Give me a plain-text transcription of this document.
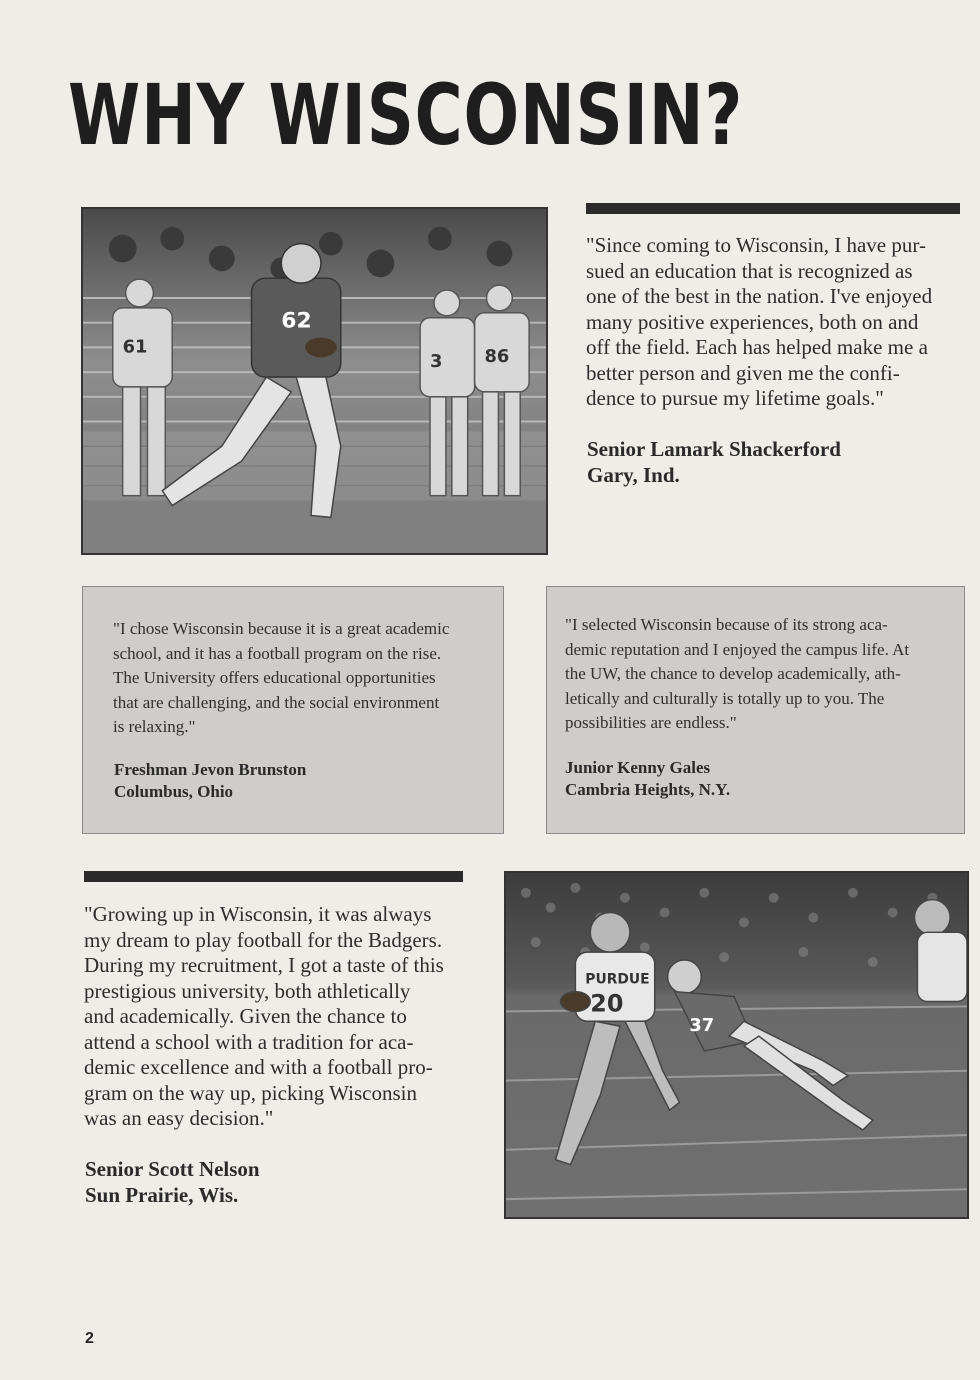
WHY WISCONSIN?
62
61
3 86
"Since coming to Wisconsin, I have pur-
sued an education that is recognized as
one of the best in the nation. I've enjoyed
many positive experiences, both on and
off the field. Each has helped make me a
better person and given me the confi-
dence to pursue my lifetime goals."
Senior Lamark Shackerford
Gary, Ind.
"I chose Wisconsin because it is a great academic
school, and it has a football program on the rise.
The University offers educational opportunities
that are challenging, and the social environment
is relaxing."
Freshman Jevon Brunston
Columbus, Ohio
"I selected Wisconsin because of its strong aca-
demic reputation and I enjoyed the campus life. At
the UW, the chance to develop academically, ath-
letically and culturally is totally up to you. The
possibilities are endless."
Junior Kenny Gales
Cambria Heights, N.Y.
"Growing up in Wisconsin, it was always
my dream to play football for the Badgers.
During my recruitment, I got a taste of this
prestigious university, both athletically
and academically. Given the chance to
attend a school with a tradition for aca-
demic excellence and with a football pro-
gram on the way up, picking Wisconsin
was an easy decision."
Senior Scott Nelson
Sun Prairie, Wis.
PURDUE
20
37
2
